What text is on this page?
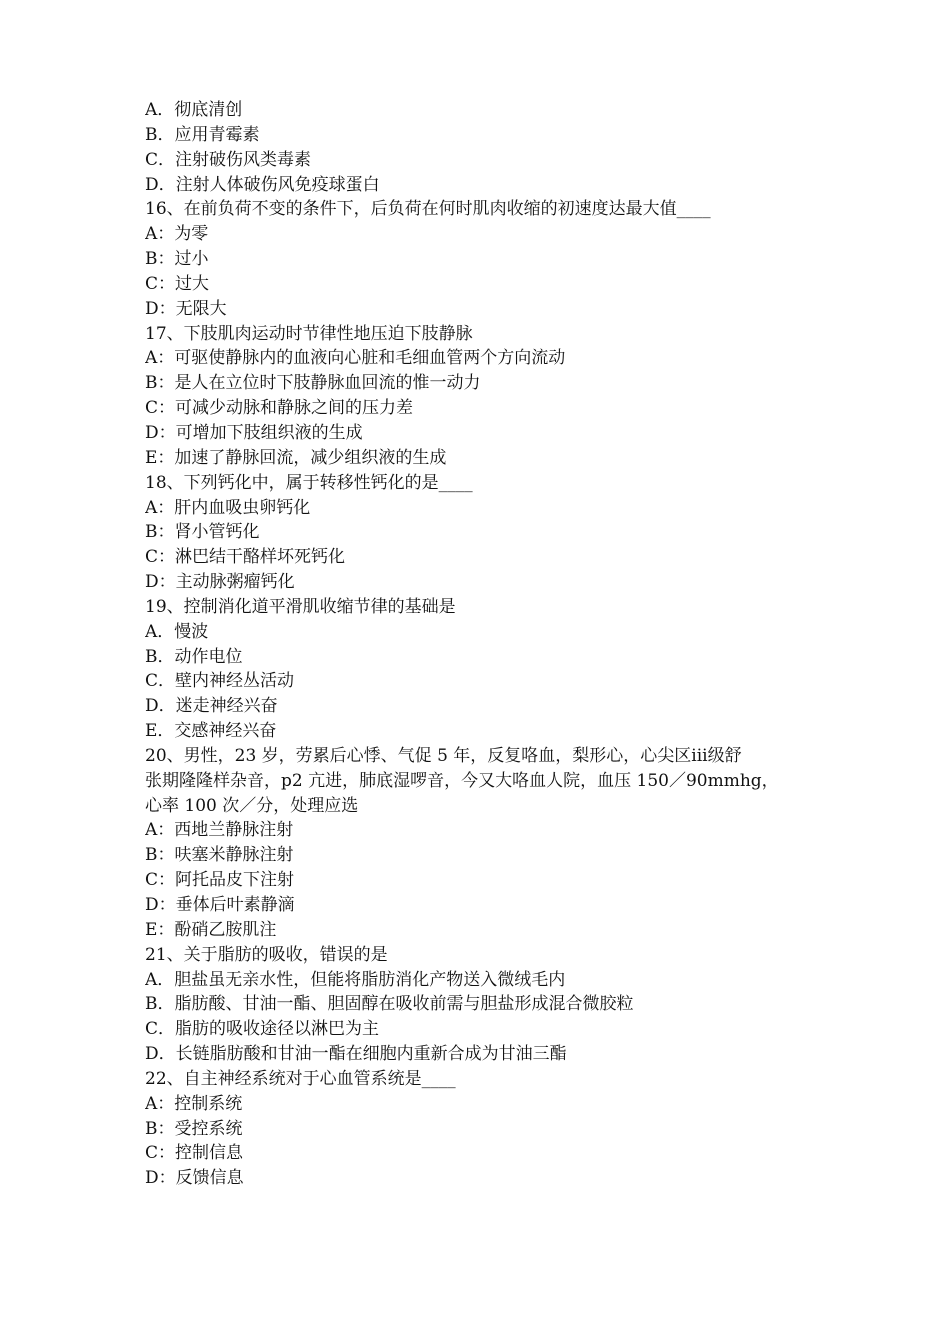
A．彻底清创
B．应用青霉素
C．注射破伤风类毒素
D．注射人体破伤风免疫球蛋白
16、在前负荷不变的条件下，后负荷在何时肌肉收缩的初速度达最大值____
A：为零
B：过小
C：过大
D：无限大
17、下肢肌肉运动时节律性地压迫下肢静脉
A：可驱使静脉内的血液向心脏和毛细血管两个方向流动
B：是人在立位时下肢静脉血回流的惟一动力
C：可减少动脉和静脉之间的压力差
D：可增加下肢组织液的生成
E：加速了静脉回流，减少组织液的生成
18、下列钙化中，属于转移性钙化的是____
A：肝内血吸虫卵钙化
B：肾小管钙化
C：淋巴结干酪样坏死钙化
D：主动脉粥瘤钙化
19、控制消化道平滑肌收缩节律的基础是
A．慢波
B．动作电位
C．壁内神经丛活动
D．迷走神经兴奋
E．交感神经兴奋
20、男性，23 岁，劳累后心悸、气促 5 年，反复咯血，梨形心，心尖区iii级舒
张期隆隆样杂音，p2 亢进，肺底湿啰音，今又大咯血人院，血压 150／90mmhg，
心率 100 次／分，处理应选
A：西地兰静脉注射
B：呋塞米静脉注射
C：阿托品皮下注射
D：垂体后叶素静滴
E：酚硝乙胺肌注
21、关于脂肪的吸收，错误的是
A．胆盐虽无亲水性，但能将脂肪消化产物送入微绒毛内
B．脂肪酸、甘油一酯、胆固醇在吸收前需与胆盐形成混合微胶粒
C．脂肪的吸收途径以淋巴为主
D．长链脂肪酸和甘油一酯在细胞内重新合成为甘油三酯
22、自主神经系统对于心血管系统是____
A：控制系统
B：受控系统
C：控制信息
D：反馈信息
